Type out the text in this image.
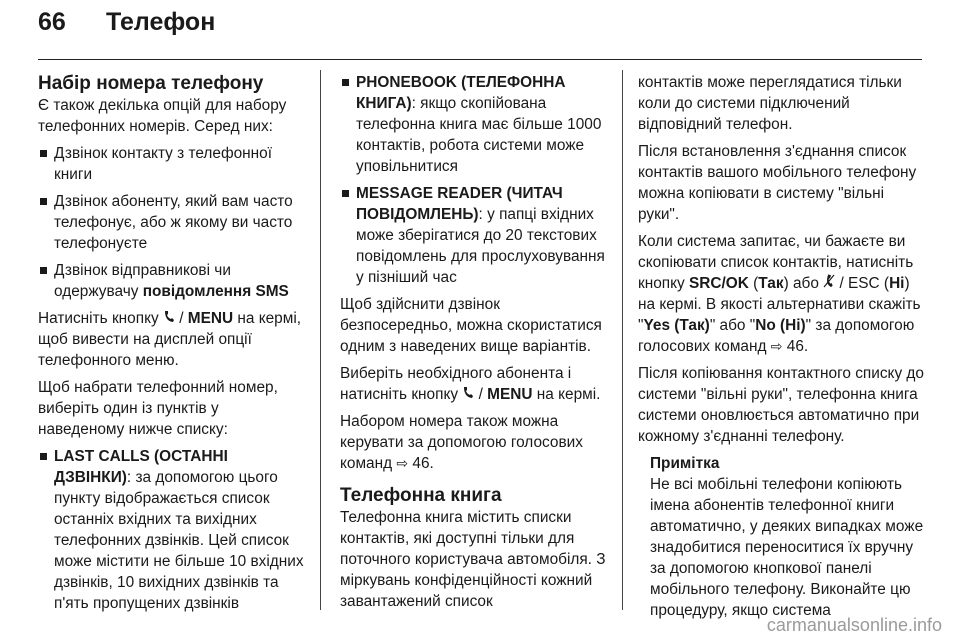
66	Телефон
Набір номера телефону

Є також декілька опцій для набору телефонних номерів. Серед них:

Дзвінок контакту з телефонної книги
Дзвінок абоненту, який вам часто телефонує, або ж якому ви часто телефонуєте
Дзвінок відправникові чи одержувачу повідомлення SMS

Натисніть кнопку  / MENU на кермі, щоб вивести на дисплей опції телефонного меню.

Щоб набрати телефонний номер, виберіть один із пунктів у наведеному нижче списку:

LAST CALLS (ОСТАННІ ДЗВІНКИ): за допомогою цього пункту відображається список останніх вхідних та вихідних телефонних дзвінків. Цей список може містити не більше 10 вхідних дзвінків, 10 вихідних дзвінків та п'ять пропущених дзвінків
PHONEBOOK (ТЕЛЕФОННА КНИГА): якщо скопійована телефонна книга має більше 1000 контактів, робота системи може уповільнитися
MESSAGE READER (ЧИТАЧ ПОВІДОМЛЕНЬ): у папці вхідних може зберігатися до 20 текстових повідомлень для прослуховування у пізніший час

Щоб здійснити дзвінок безпосередньо, можна скористатися одним з наведених вище варіантів.

Виберіть необхідного абонента і натисніть кнопку  / MENU на кермі.

Набором номера також можна керувати за допомогою голосових команд ⇨ 46.

Телефонна книга

Телефонна книга містить списки контактів, які доступні тільки для поточного користувача автомобіля. З міркувань конфіденційності кожний завантажений список

контактів може переглядатися тільки коли до системи підключений відповідний телефон.

Після встановлення з'єднання список контактів вашого мобільного телефону можна копіювати в систему "вільні руки".

Коли система запитає, чи бажаєте ви скопіювати список контактів, натисніть кнопку SRC/OK (Так) або  / ESC (Ні) на кермі. В якості альтернативи скажіть "Yes (Так)" або "No (Ні)" за допомогою голосових команд ⇨ 46.

Після копіювання контактного списку до системи "вільні руки", телефонна книга системи оновлюється автоматично при кожному з'єднанні телефону.

Примітка
Не всі мобільні телефони копіюють імена абонентів телефонної книги автоматично, у деяких випадках може знадобитися переноситися їх вручну за допомогою кнопкової панелі мобільного телефону. Виконайте цю процедуру, якщо система
carmanualsonline.info
